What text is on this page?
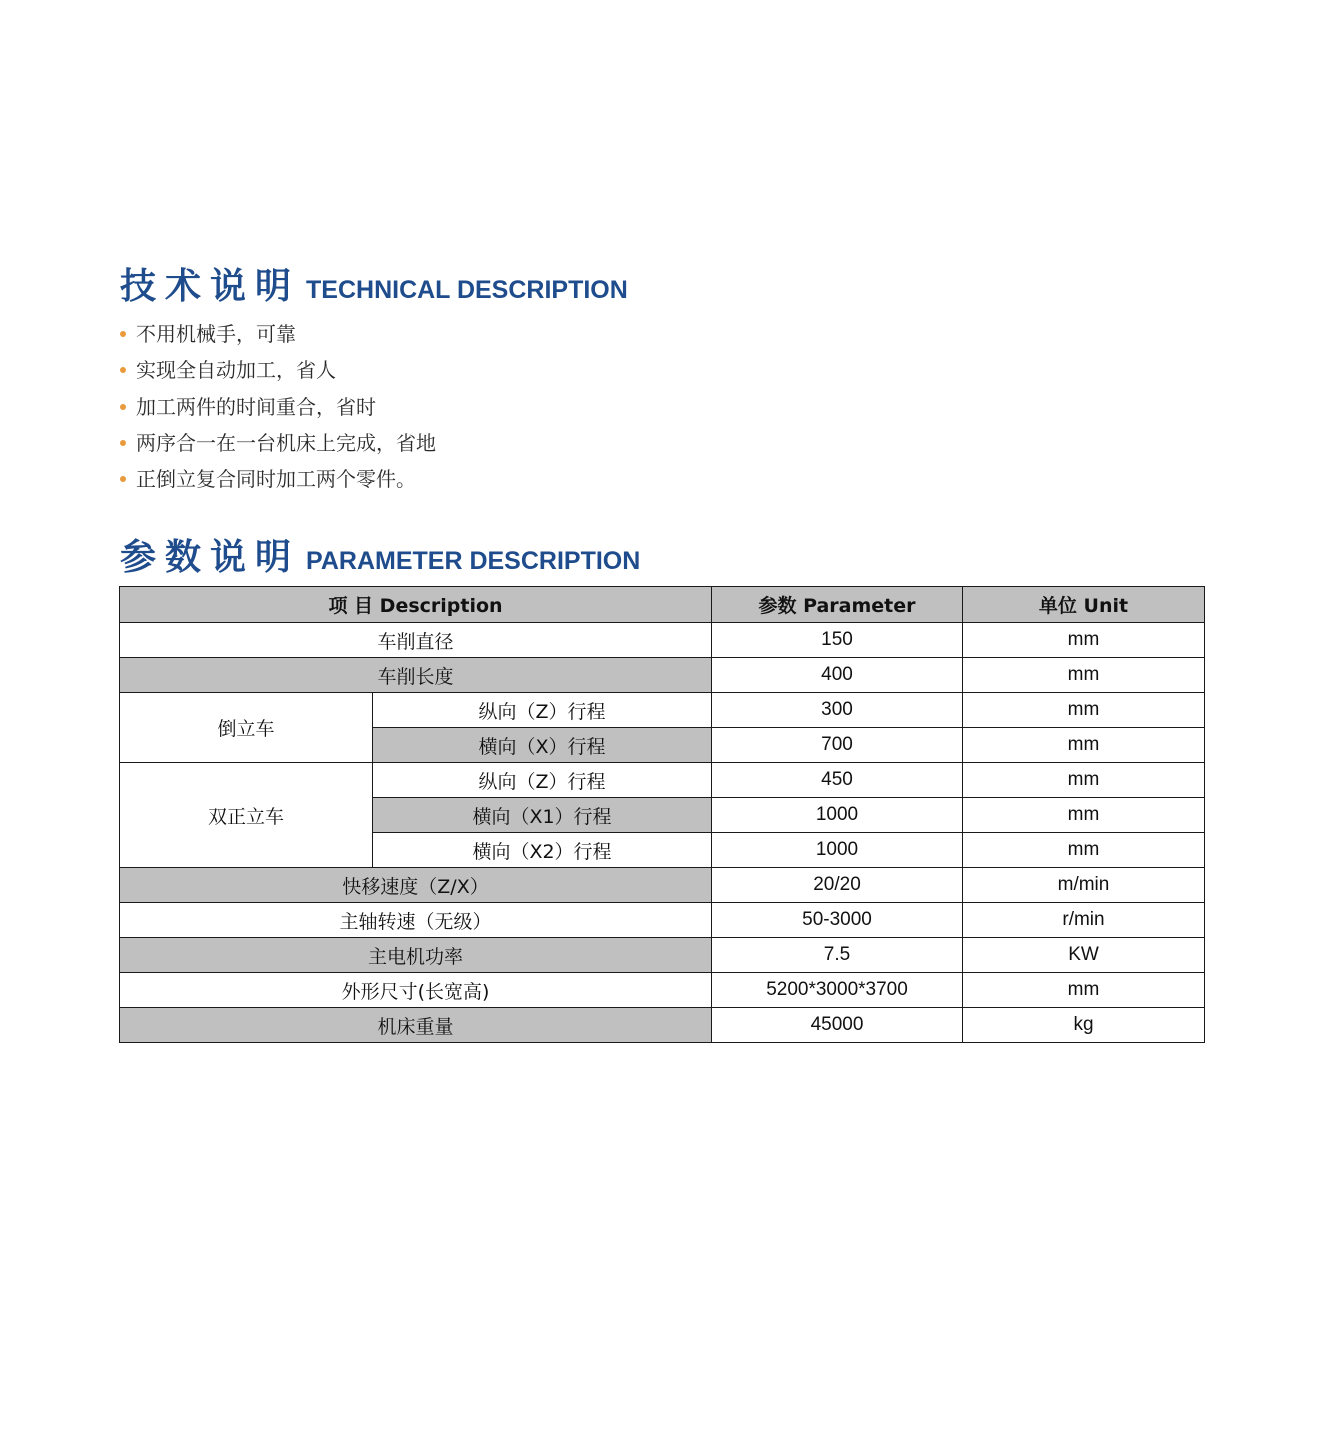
技术说明 TECHNICAL DESCRIPTION
不用机械手，可靠
实现全自动加工，省人
加工两件的时间重合，省时
两序合一在一台机床上完成，省地
正倒立复合同时加工两个零件。
参数说明 PARAMETER DESCRIPTION
项 目 Description		参数 Parameter	单位 Unit
车削直径		150	mm
车削长度		400	mm
倒立车	纵向（Z）行程	300	mm
	横向（X）行程	700	mm
双正立车	纵向（Z）行程	450	mm
	横向（X1）行程	1000	mm
	横向（X2）行程	1000	mm
快移速度（Z/X）		20/20	m/min
主轴转速（无级）		50-3000	r/min
主电机功率		7.5	KW
外形尺寸(长宽高)		5200*3000*3700	mm
机床重量		45000	kg
